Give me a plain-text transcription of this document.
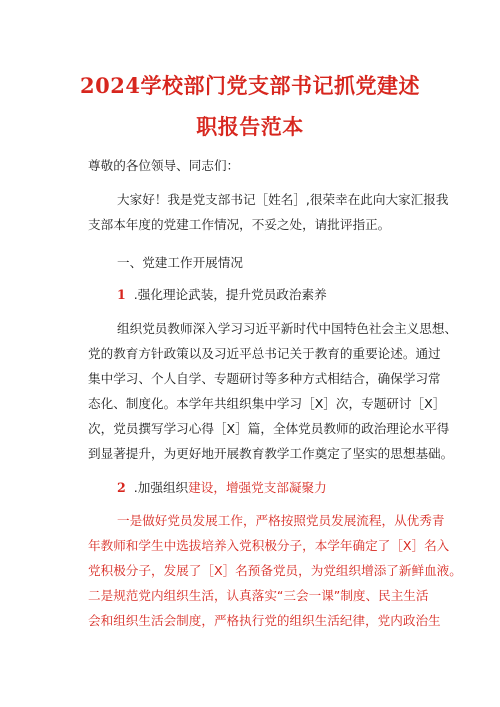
2024学校部门党支部书记抓党建述
职报告范本
尊敬的各位领导、同志们：
大家好！我是党支部书记［姓名］,很荣幸在此向大家汇报我
支部本年度的党建工作情况，不妥之处，请批评指正。
一、党建工作开展情况
1 .强化理论武装，提升党员政治素养
组织党员教师深入学习习近平新时代中国特色社会主义思想、
党的教育方针政策以及习近平总书记关于教育的重要论述。通过
集中学习、个人自学、专题研讨等多种方式相结合，确保学习常
态化、制度化。本学年共组织集中学习［X］次，专题研讨［X］
次，党员撰写学习心得［X］篇，全体党员教师的政治理论水平得
到显著提升，为更好地开展教育教学工作奠定了坚实的思想基础。
2 .加强组织建设，增强党支部凝聚力
一是做好党员发展工作，严格按照党员发展流程，从优秀青
年教师和学生中选拔培养入党积极分子，本学年确定了［X］名入
党积极分子，发展了［X］名预备党员，为党组织增添了新鲜血液。
二是规范党内组织生活，认真落实“三会一课”制度、民主生活
会和组织生活会制度，严格执行党的组织生活纪律，党内政治生
